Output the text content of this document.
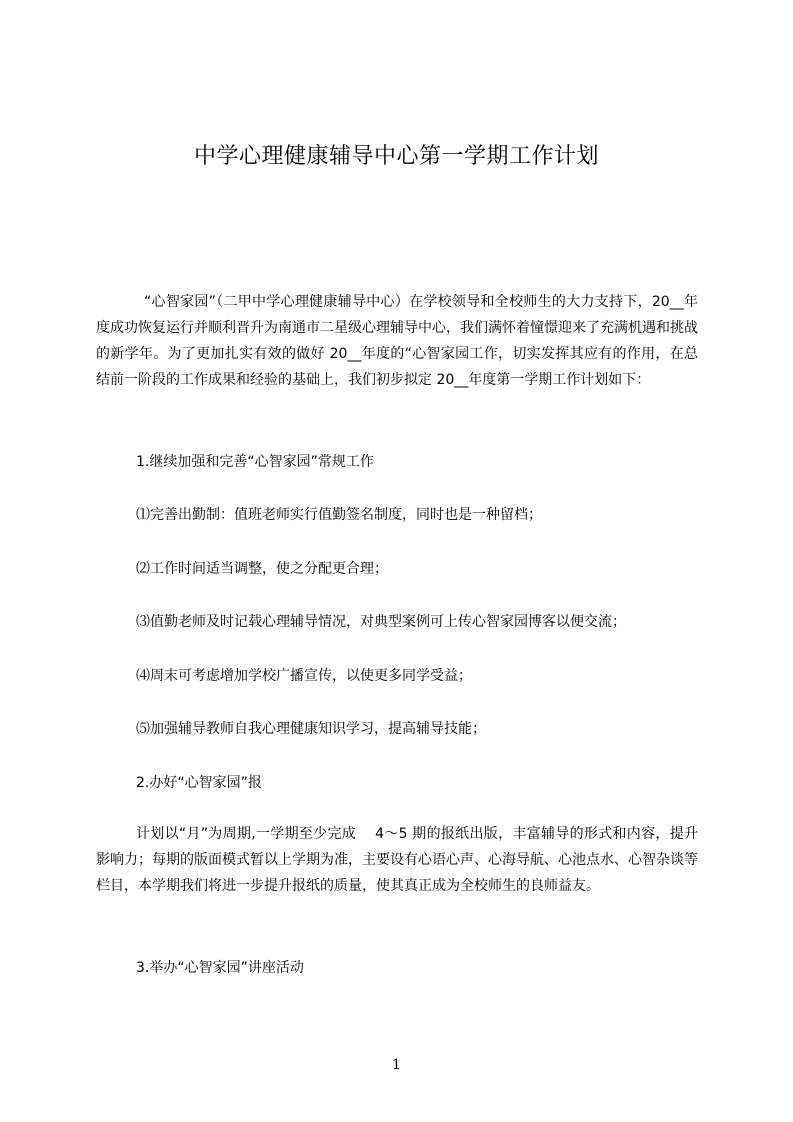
中学心理健康辅导中心第一学期工作计划
“心智家园”（二甲中学心理健康辅导中心）在学校领导和全校师生的大力支持下，20__年度成功恢复运行并顺利晋升为南通市二星级心理辅导中心，我们满怀着憧憬迎来了充满机遇和挑战的新学年。为了更加扎实有效的做好 20__年度的“心智家园工作，切实发挥其应有的作用，在总结前一阶段的工作成果和经验的基础上，我们初步拟定 20__年度第一学期工作计划如下：
1.继续加强和完善“心智家园”常规工作
⑴完善出勤制：值班老师实行值勤签名制度，同时也是一种留档；
⑵工作时间适当调整，使之分配更合理；
⑶值勤老师及时记载心理辅导情况，对典型案例可上传心智家园博客以便交流；
⑷周末可考虑增加学校广播宣传，以使更多同学受益；
⑸加强辅导教师自我心理健康知识学习，提高辅导技能；
2.办好“心智家园”报
计划以“月”为周期,一学期至少完成　 4～5 期的报纸出版，丰富辅导的形式和内容，提升影响力；每期的版面模式暂以上学期为准，主要设有心语心声、心海导航、心池点水、心智杂谈等栏目，本学期我们将进一步提升报纸的质量，使其真正成为全校师生的良师益友。
3.举办“心智家园”讲座活动
1
